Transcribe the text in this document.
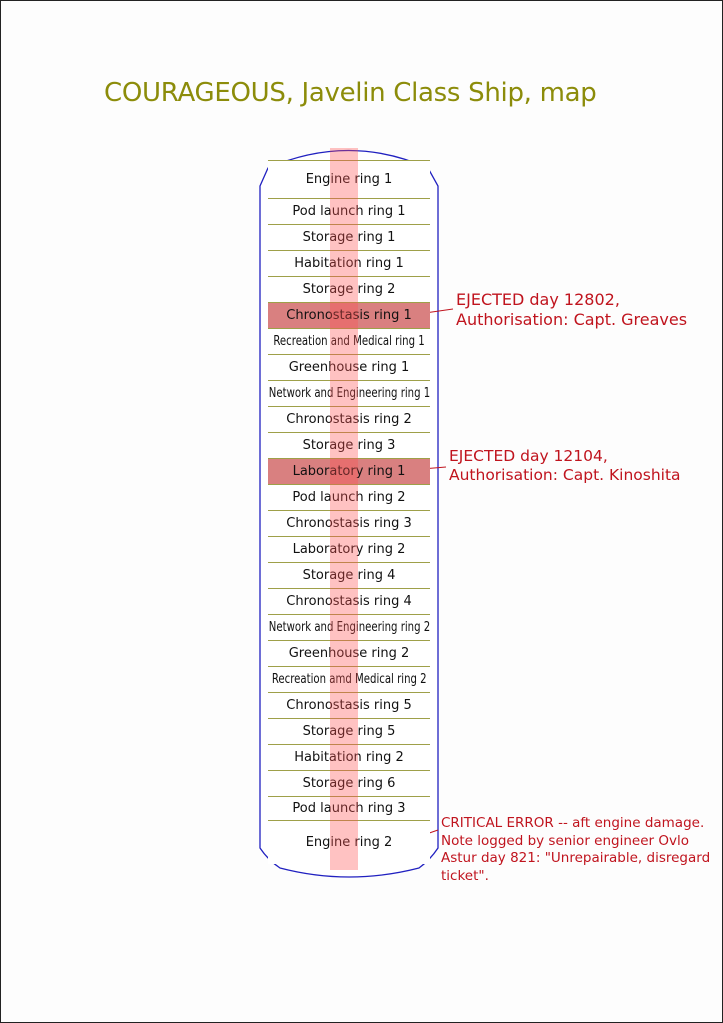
COURAGEOUS, Javelin Class Ship, map
Engine ring 1
Pod launch ring 1
Storage ring 1
Habitation ring 1
Storage ring 2
Chronostasis ring 1
Recreation and Medical ring 1
Greenhouse ring 1
Network and Engineering ring 1
Chronostasis ring 2
Storage ring 3
Laboratory ring 1
Pod launch ring 2
Chronostasis ring 3
Laboratory ring 2
Storage ring 4
Chronostasis ring 4
Network and Engineering ring 2
Greenhouse ring 2
Recreation amd Medical ring 2
Chronostasis ring 5
Storage ring 5
Habitation ring 2
Storage ring 6
Pod launch ring 3
Engine ring 2
EJECTED day 12802,
Authorisation: Capt. Greaves
EJECTED day 12104,
Authorisation: Capt. Kinoshita
CRITICAL ERROR -- aft engine damage. Note logged by senior engineer Ovlo Astur day 821: "Unrepairable, disregard ticket".
